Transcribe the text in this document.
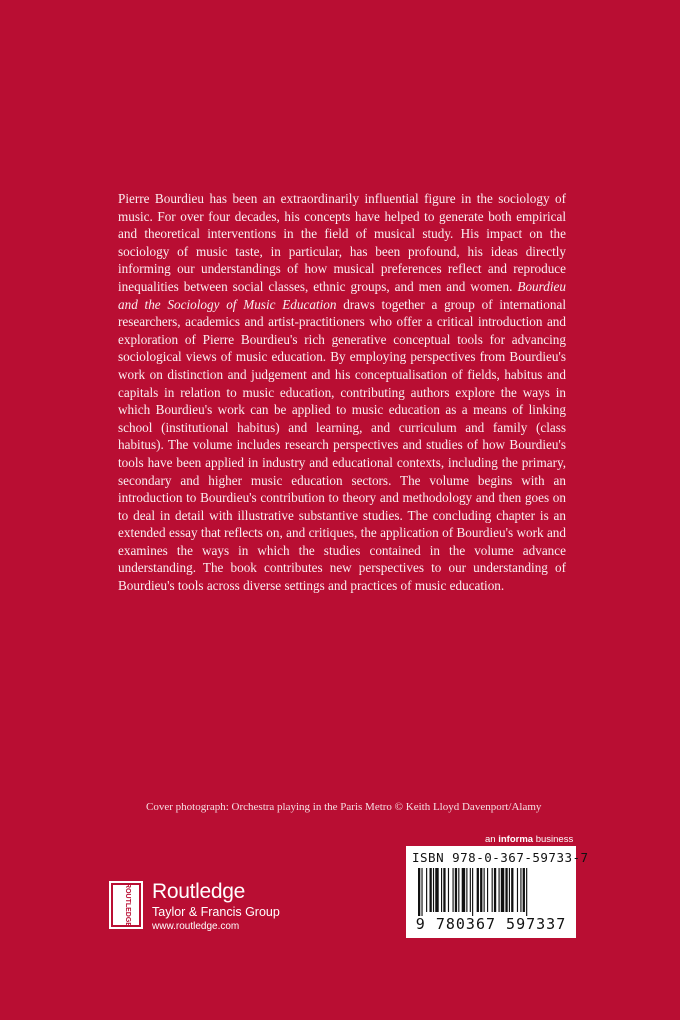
Pierre Bourdieu has been an extraordinarily influential figure in the sociology of music. For over four decades, his concepts have helped to generate both empirical and theoretical interventions in the field of musical study. His impact on the sociology of music taste, in particular, has been profound, his ideas directly informing our understandings of how musical preferences reflect and reproduce inequalities between social classes, ethnic groups, and men and women. Bourdieu and the Sociology of Music Education draws together a group of international researchers, academics and artist-practitioners who offer a critical introduction and exploration of Pierre Bourdieu's rich generative conceptual tools for advancing sociological views of music education. By employing perspectives from Bourdieu's work on distinction and judgement and his conceptualisation of fields, habitus and capitals in relation to music education, contributing authors explore the ways in which Bourdieu's work can be applied to music education as a means of linking school (institutional habitus) and learning, and curriculum and family (class habitus). The volume includes research perspectives and studies of how Bourdieu's tools have been applied in industry and educational contexts, including the primary, secondary and higher music education sectors. The volume begins with an introduction to Bourdieu's contribution to theory and methodology and then goes on to deal in detail with illustrative substantive studies. The concluding chapter is an extended essay that reflects on, and critiques, the application of Bourdieu's work and examines the ways in which the studies contained in the volume advance understanding. The book contributes new perspectives to our understanding of Bourdieu's tools across diverse settings and practices of music education.
Cover photograph: Orchestra playing in the Paris Metro © Keith Lloyd Davenport/Alamy
an informa business
ISBN 978-0-367-59733-7
9 780367 597337
ROUTLEDGE Routledge
Taylor & Francis Group
www.routledge.com
